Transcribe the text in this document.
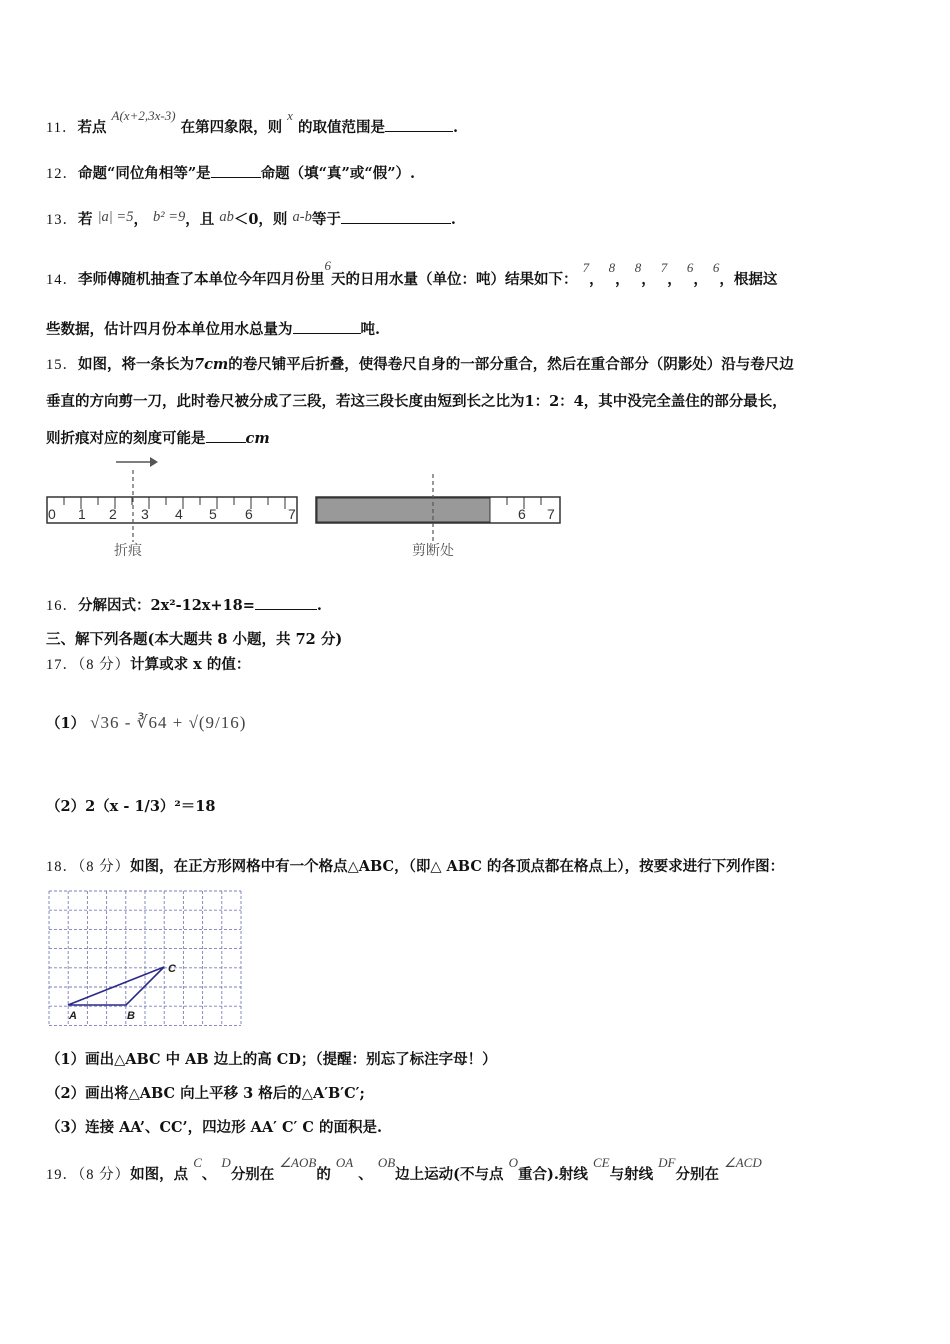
11．若点 A(x+2,3x-3) 在第四象限，则 x 的取值范围是	.
12．命题“同位角相等”是	命题（填“真”或“假”）.
13．若 |a| =5， b² =9，且 ab＜0，则 a-b等于	.
14．李师傅随机抽查了本单位今年四月份里6天的日用水量（单位：吨）结果如下： 7， 8， 8， 7， 6， 6，根据这
些数据，估计四月份本单位用水总量为	吨.
15．如图，将一条长为7cm的卷尺铺平后折叠，使得卷尺自身的一部分重合，然后在重合部分（阴影处）沿与卷尺边
垂直的方向剪一刀，此时卷尺被分成了三段，若这三段长度由短到长之比为1：2：4，其中没完全盖住的部分最长，
则折痕对应的刻度可能是	cm
0 1 2 3 4 5 6	7
折痕
6 7
剪断处
16．分解因式：2x²-12x+18=	.
三、解下列各题(本大题共 8 小题，共 72 分)
17．（8 分）计算或求 x 的值：
（1） √36 - ∛64 + √(9/16)
（2）2（x - 1/3）²＝18
18．（8 分）如图，在正方形网格中有一个格点△ABC，（即△ ABC 的各顶点都在格点上），按要求进行下列作图：
A	B
C
（1）画出△ABC 中 AB 边上的高 CD；（提醒：别忘了标注字母！）
（2）画出将△ABC 向上平移 3 格后的△A′B′C′;
（3）连接 AA’、CC’，四边形 AA′ C′ C 的面积是.
19．（8 分）如图，点 C、 D分别在 ∠AOB的 OA 、 OB边上运动(不与点 O重合).射线 CE与射线 DF分别在 ∠ACD
